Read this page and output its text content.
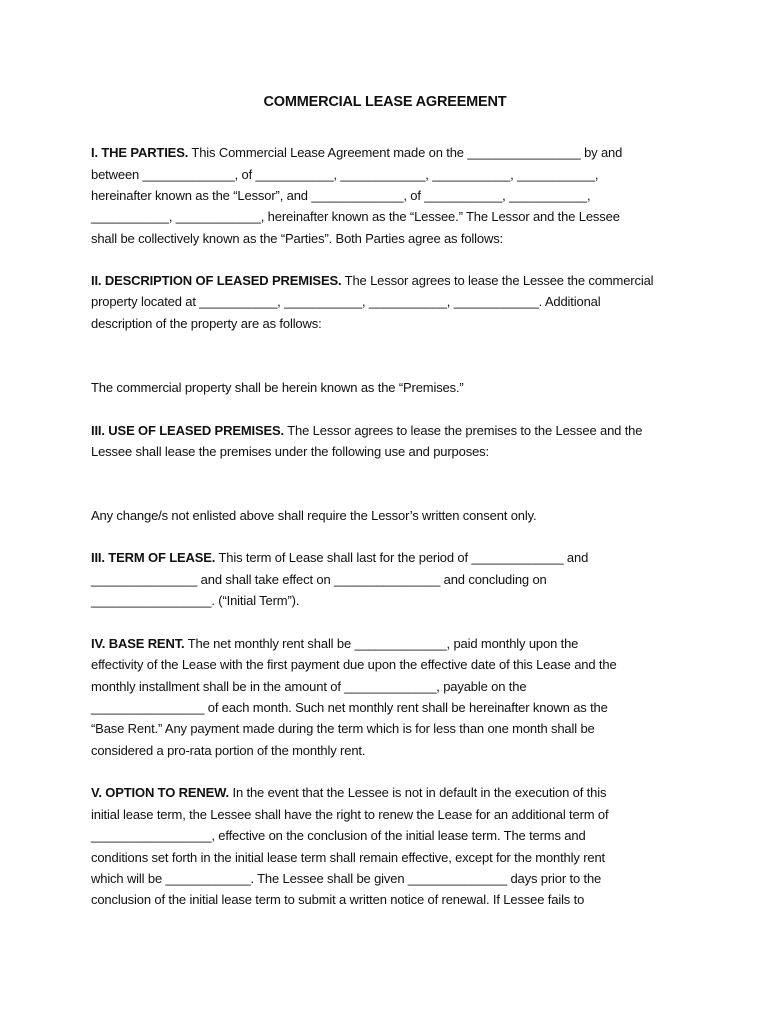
COMMERCIAL LEASE AGREEMENT
I. THE PARTIES. This Commercial Lease Agreement made on the ________________ by and
between _____________, of ___________, ____________, ___________, ___________,
hereinafter known as the “Lessor”, and _____________, of ___________, ___________,
___________, ____________, hereinafter known as the “Lessee.” The Lessor and the Lessee
shall be collectively known as the “Parties”. Both Parties agree as follows:
II. DESCRIPTION OF LEASED PREMISES. The Lessor agrees to lease the Lessee the commercial
property located at ___________, ___________, ___________, ____________. Additional
description of the property are as follows:
The commercial property shall be herein known as the “Premises.”
III. USE OF LEASED PREMISES. The Lessor agrees to lease the premises to the Lessee and the
Lessee shall lease the premises under the following use and purposes:
Any change/s not enlisted above shall require the Lessor’s written consent only.
III. TERM OF LEASE. This term of Lease shall last for the period of _____________ and
_______________ and shall take effect on _______________ and concluding on
_________________. (“Initial Term”).
IV. BASE RENT. The net monthly rent shall be _____________, paid monthly upon the
effectivity of the Lease with the first payment due upon the effective date of this Lease and the
monthly installment shall be in the amount of _____________, payable on the
________________ of each month. Such net monthly rent shall be hereinafter known as the
“Base Rent.” Any payment made during the term which is for less than one month shall be
considered a pro-rata portion of the monthly rent.
V. OPTION TO RENEW. In the event that the Lessee is not in default in the execution of this
initial lease term, the Lessee shall have the right to renew the Lease for an additional term of
_________________, effective on the conclusion of the initial lease term. The terms and
conditions set forth in the initial lease term shall remain effective, except for the monthly rent
which will be ____________. The Lessee shall be given ______________ days prior to the
conclusion of the initial lease term to submit a written notice of renewal. If Lessee fails to
